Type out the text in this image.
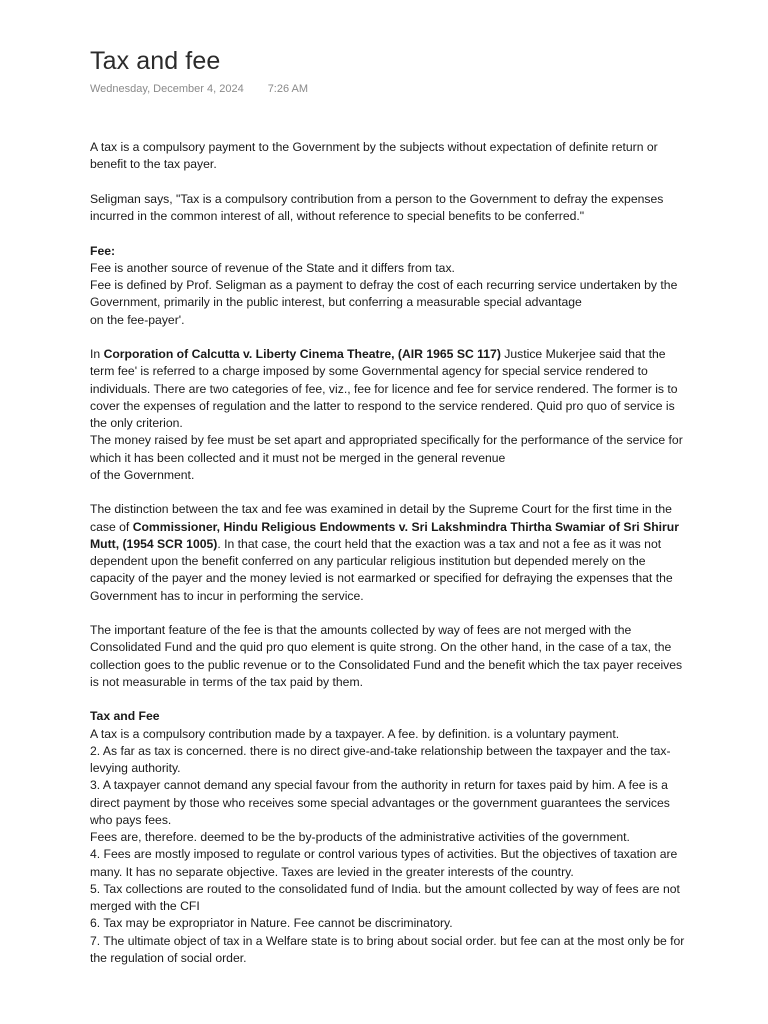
Tax and fee
Wednesday, December 4, 2024 7:26 AM

A tax is a compulsory payment to the Government by the subjects without expectation of definite return or benefit to the tax payer.

Seligman says, "Tax is a compulsory contribution from a person to the Government to defray the expenses incurred in the common interest of all, without reference to special benefits to be conferred."

Fee:
Fee is another source of revenue of the State and it differs from tax.
Fee is defined by Prof. Seligman as a payment to defray the cost of each recurring service undertaken by the Government, primarily in the public interest, but conferring a measurable special advantage
on the fee-payer'.
In Corporation of Calcutta v. Liberty Cinema Theatre, (AIR 1965 SC 117) Justice Mukerjee said that the term fee' is referred to a charge imposed by some Governmental agency for special service rendered to individuals. There are two categories of fee, viz., fee for licence and fee for service rendered. The former is to cover the expenses of regulation and the latter to respond to the service rendered. Quid pro quo of service is the only criterion.
The money raised by fee must be set apart and appropriated specifically for the performance of the service for which it has been collected and it must not be merged in the general revenue
of the Government.

The distinction between the tax and fee was examined in detail by the Supreme Court for the first time in the case of Commissioner, Hindu Religious Endowments v. Sri Lakshmindra Thirtha Swamiar of Sri Shirur Mutt, (1954 SCR 1005). In that case, the court held that the exaction was a tax and not a fee as it was not dependent upon the benefit conferred on any particular religious institution but depended merely on the capacity of the payer and the money levied is not earmarked or specified for defraying the expenses that the Government has to incur in performing the service.

The important feature of the fee is that the amounts collected by way of fees are not merged with the Consolidated Fund and the quid pro quo element is quite strong. On the other hand, in the case of a tax, the collection goes to the public revenue or to the Consolidated Fund and the benefit which the tax payer receives is not measurable in terms of the tax paid by them.

Tax and Fee
A tax is a compulsory contribution made by a taxpayer. A fee. by definition. is a voluntary payment.
2. As far as tax is concerned. there is no direct give-and-take relationship between the taxpayer and the tax-levying authority.
3. A taxpayer cannot demand any special favour from the authority in return for taxes paid by him. A fee is a direct payment by those who receives some special advantages or the government guarantees the services who pays fees.
Fees are, therefore. deemed to be the by-products of the administrative activities of the government.
4. Fees are mostly imposed to regulate or control various types of activities. But the objectives of taxation are many. It has no separate objective. Taxes are levied in the greater interests of the country.
5. Tax collections are routed to the consolidated fund of India. but the amount collected by way of fees are not merged with the CFI
6. Tax may be expropriator in Nature. Fee cannot be discriminatory.
7. The ultimate object of tax in a Welfare state is to bring about social order. but fee can at the most only be for the regulation of social order.
